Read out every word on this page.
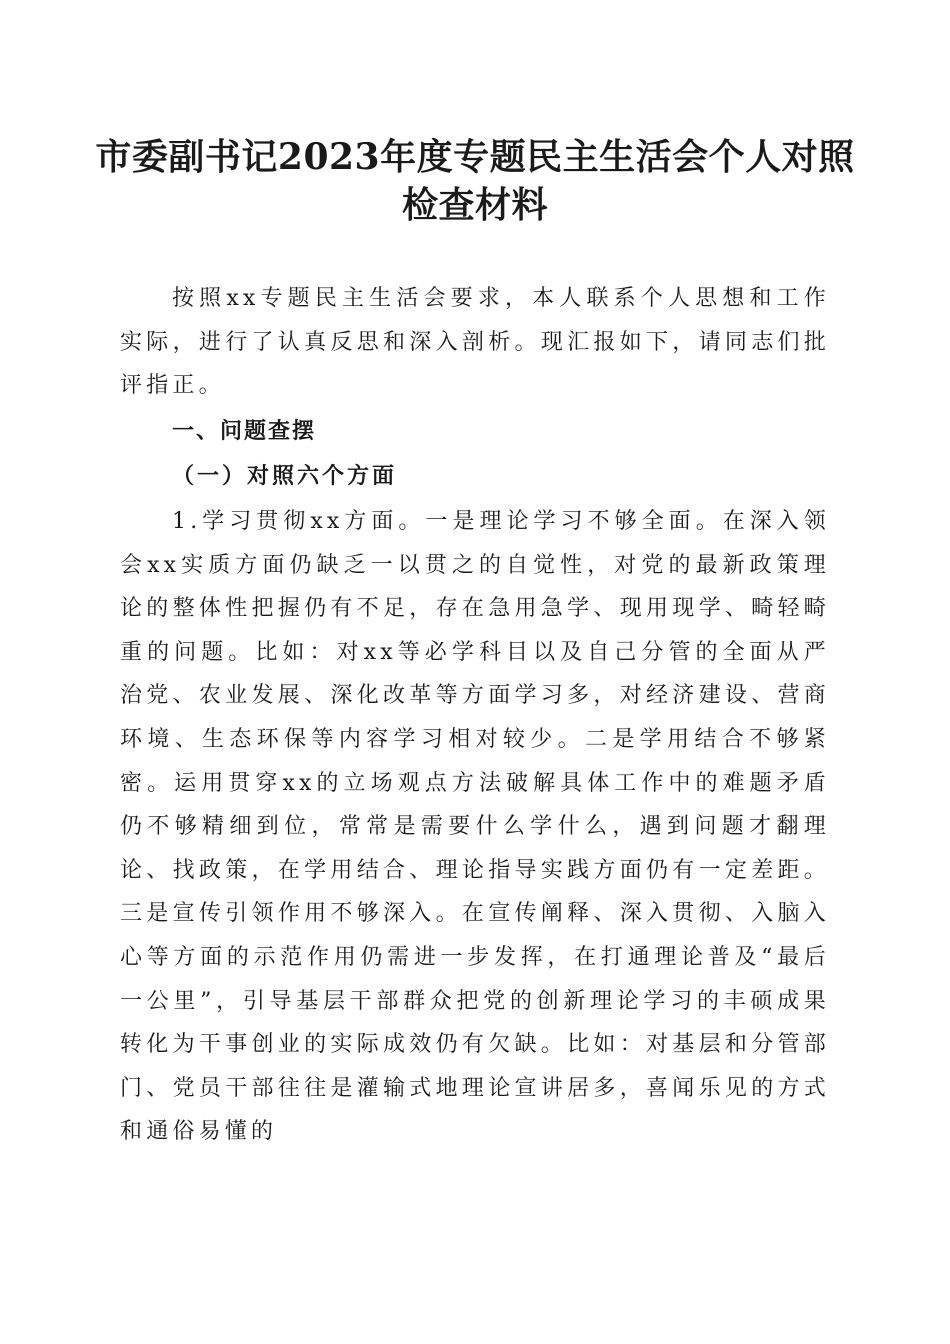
市委副书记2023年度专题民主生活会个人对照检查材料

按照xx专题民主生活会要求，本人联系个人思想和工作实际，进行了认真反思和深入剖析。现汇报如下，请同志们批评指正。

一、问题查摆
（一）对照六个方面

1.学习贯彻xx方面。一是理论学习不够全面。在深入领会xx实质方面仍缺乏一以贯之的自觉性，对党的最新政策理论的整体性把握仍有不足，存在急用急学、现用现学、畸轻畸重的问题。比如：对xx等必学科目以及自己分管的全面从严治党、农业发展、深化改革等方面学习多，对经济建设、营商环境、生态环保等内容学习相对较少。二是学用结合不够紧密。运用贯穿xx的立场观点方法破解具体工作中的难题矛盾仍不够精细到位，常常是需要什么学什么，遇到问题才翻理论、找政策，在学用结合、理论指导实践方面仍有一定差距。三是宣传引领作用不够深入。在宣传阐释、深入贯彻、入脑入心等方面的示范作用仍需进一步发挥，在打通理论普及“最后一公里”，引导基层干部群众把党的创新理论学习的丰硕成果转化为干事创业的实际成效仍有欠缺。比如：对基层和分管部门、党员干部往往是灌输式地理论宣讲居多，喜闻乐见的方式和通俗易懂的
